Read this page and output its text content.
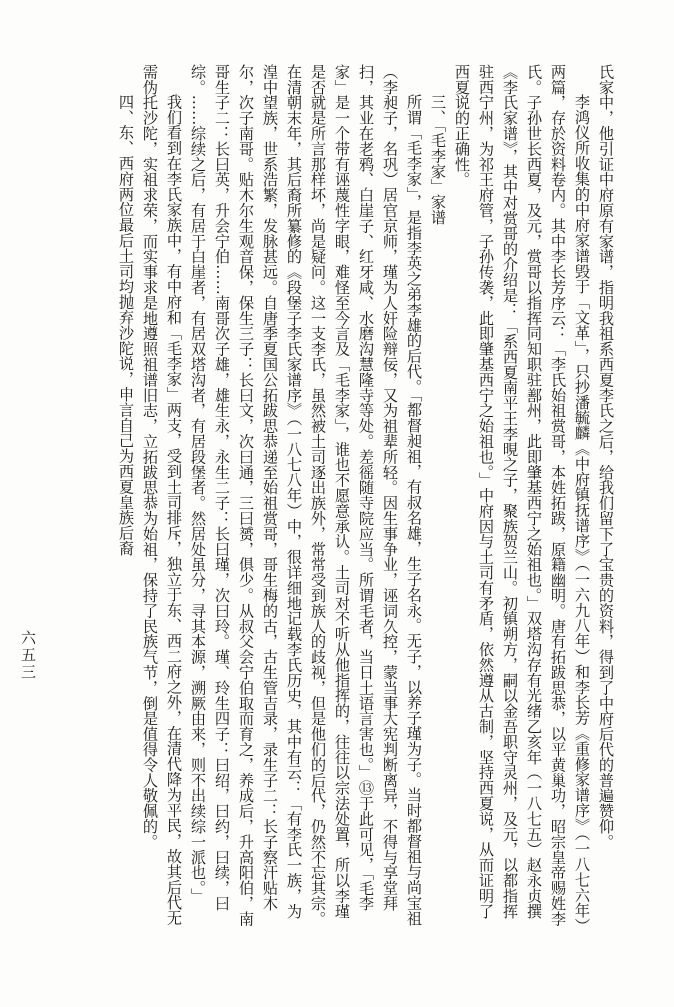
氏家中，他引证中府原有家谱，指明我祖系西夏李氏之后，给我们留下了宝贵的资料，得到了中府后代的普遍赞仰。

李鸿仪所收集的中府家谱毁于「文革」，只抄潘毓麟《中府镇抚谱序》（一六九八年）和李长芳《重修家谱序》（一八七六年）两篇，存於资料卷内。其中李长芳序云：「李氏始祖赏哥，本姓拓跋，原籍幽明。唐有拓跋思恭，以平黄巢功，昭宗皇帝赐姓李氏。子孙世长西夏，及元，赏哥以指挥同知职驻鄯州，此即肇基西宁之始祖也。」双塔沟存有光绪乙亥年（一八七五）赵永贞撰《李氏家谱》，其中对赏哥的介绍是：「系西夏南平王李晛之子，聚族贺兰山。初镇朔方，嗣以金吾职守灵州，及元，以都指挥驻西宁州，为祁王府管，子孙传袭，此即肇基西宁之始祖也。」中府因与土司有矛盾，依然遵从古制，坚持西夏说，从而证明了西夏说的正确性。

三、「毛李家」家谱

所谓「毛李家」，是指李英之弟李雄的后代。「都督昶祖，有叔名雄，生子名永。无子，以养子瑾为子。当时都督祖与尚宝祖（李昶子，名巩）居官京师，瑾为人奸险辩佞，又为祖辈所轻。因生事争业，诬词久控，蒙当事大宪判断离异，不得与享堂拜扫，其业在老鸦、白崖子、红牙咸、水磨沟慧隆寺等处。差徭随寺院应当。所谓毛者，当日土语言害也。」⑬于此可见，「毛李家」是一个带有诬蔑性字眼，难怪至今言及「毛李家」，谁也不愿意承认。土司对不听从他指挥的，往往以宗法处置，所以李瑾是否就是所言那样坏，尚是疑问。这一支李氏，虽然被土司逐出族外，常常受到族人的歧视，但是他们的后代，仍然不忘其宗。在清朝末年，其后裔所纂修的《段堡子李氏家谱序》（一八七八年）中，很详细地记载李氏历史，其中有云：「有李氏一族，为湟中望族，世系浩繁，发脉甚远。自唐季夏国公拓跋思恭递至始祖赏哥，哥生梅的古，古生管吉录，录生子二：长子察汗贴木尔，次子南哥。贴木尔生观音保，保生三子：长曰文，次曰通，三曰赟，俱少。从叔父会宁伯取而育之，养成后，升高阳伯，南哥生子二：长曰英，升会宁伯……南哥次子雄，雄生永，永生二子：长曰瑾，次曰玲。瑾、玲生四子：曰绍，曰约，曰续，曰综。……综续之后，有居于白崖者，有居双塔沟者，有居段堡者。然居处虽分，寻其本源，溯厥由来，则不出续综一派也。」

我们看到在李氏家族中，有中府和「毛李家」两支，受到土司排斥，独立于东、西二府之外，在清代降为平民，故其后代无需伪托沙陀，实祖求荣，而实事求是地遵照祖谱旧志，立拓跋思恭为始祖，保持了民族气节，倒是值得令人敬佩的。

四、东、西府两位最后土司均抛弃沙陀说，申言自己为西夏皇族后裔

六五三
